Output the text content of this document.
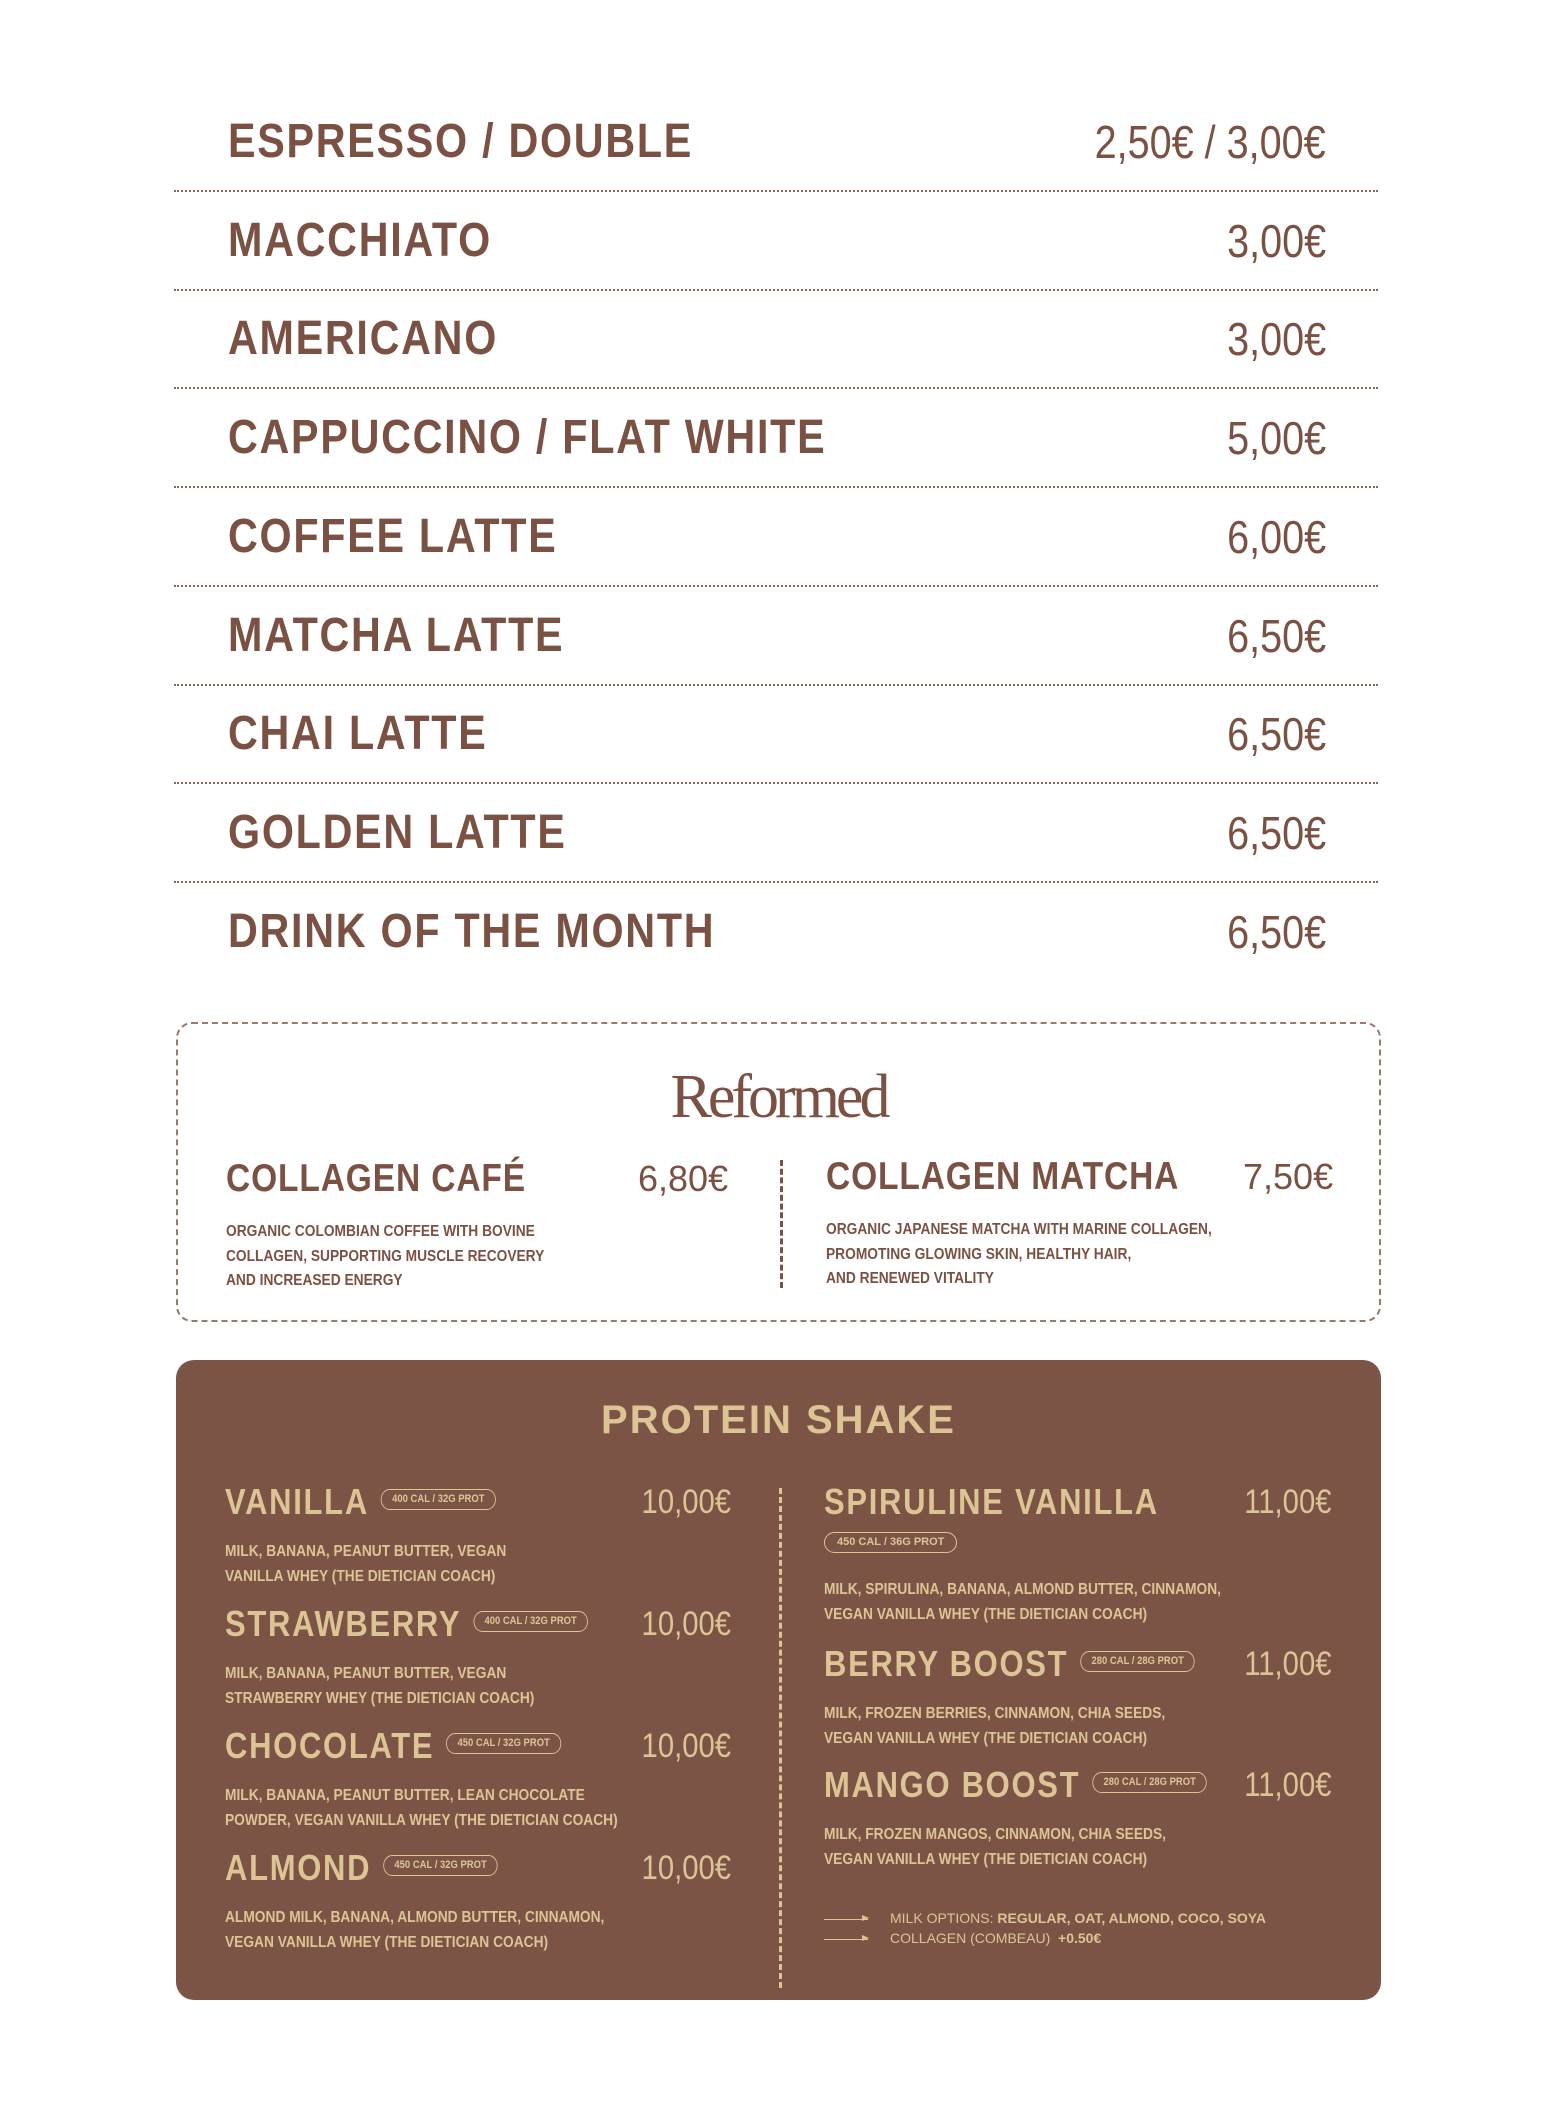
ESPRESSO / DOUBLE	2,50€ / 3,00€
MACCHIATO	3,00€
AMERICANO	3,00€
CAPPUCCINO / FLAT WHITE	5,00€
COFFEE LATTE	6,00€
MATCHA LATTE	6,50€
CHAI LATTE	6,50€
GOLDEN LATTE	6,50€
DRINK OF THE MONTH	6,50€
Reformed
COLLAGEN CAFÉ	6,80€
ORGANIC COLOMBIAN COFFEE WITH BOVINE
COLLAGEN, SUPPORTING MUSCLE RECOVERY
AND INCREASED ENERGY
COLLAGEN MATCHA	7,50€
ORGANIC JAPANESE MATCHA WITH MARINE COLLAGEN,
PROMOTING GLOWING SKIN, HEALTHY HAIR,
AND RENEWED VITALITY
PROTEIN SHAKE
MILK OPTIONS: REGULAR, OAT, ALMOND, COCO, SOYA
COLLAGEN (COMBEAU) +0.50€
VANILLA 400 CAL / 32G PROT	10,00€
MILK, BANANA, PEANUT BUTTER, VEGAN
VANILLA WHEY (THE DIETICIAN COACH)
STRAWBERRY 400 CAL / 32G PROT	10,00€
MILK, BANANA, PEANUT BUTTER, VEGAN
STRAWBERRY WHEY (THE DIETICIAN COACH)
CHOCOLATE 450 CAL / 32G PROT	10,00€
MILK, BANANA, PEANUT BUTTER, LEAN CHOCOLATE
POWDER, VEGAN VANILLA WHEY (THE DIETICIAN COACH)
ALMOND 450 CAL / 32G PROT	10,00€
ALMOND MILK, BANANA, ALMOND BUTTER, CINNAMON,
VEGAN VANILLA WHEY (THE DIETICIAN COACH)
SPIRULINE VANILLA	11,00€
450 CAL / 36G PROT
MILK, SPIRULINA, BANANA, ALMOND BUTTER, CINNAMON,
VEGAN VANILLA WHEY (THE DIETICIAN COACH)
BERRY BOOST 280 CAL / 28G PROT	11,00€
MILK, FROZEN BERRIES, CINNAMON, CHIA SEEDS,
VEGAN VANILLA WHEY (THE DIETICIAN COACH)
MANGO BOOST 280 CAL / 28G PROT	11,00€
MILK, FROZEN MANGOS, CINNAMON, CHIA SEEDS,
VEGAN VANILLA WHEY (THE DIETICIAN COACH)
